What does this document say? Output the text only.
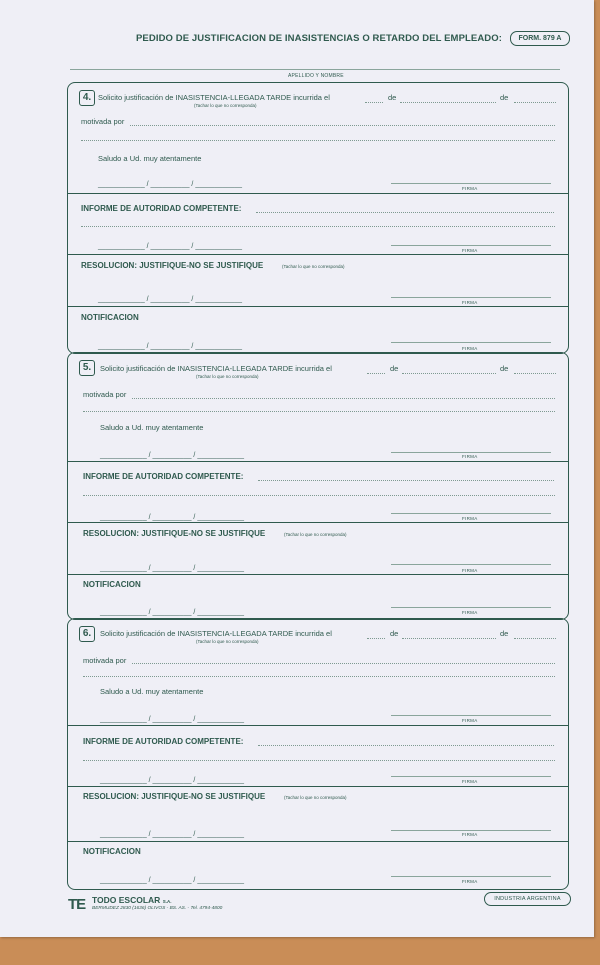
PEDIDO DE JUSTIFICACION DE INASISTENCIAS O RETARDO DEL EMPLEADO:	FORM. 879 A
APELLIDO Y NOMBRE
4. Solicito justificación de INASISTENCIA-LLEGADA TARDE incurrida el	de	de
(Tachar lo que no corresponda)
motivada por
Saludo a Ud. muy atentamente
____________ / __________ / ____________
FIRMA
INFORME DE AUTORIDAD COMPETENTE:
____________ / __________ / ____________
FIRMA
RESOLUCION: JUSTIFIQUE-NO SE JUSTIFIQUE	(Tachar lo que no corresponda)
____________ / __________ / ____________	FIRMA
NOTIFICACION
____________ / __________ / ____________	FIRMA
5.	Solicito justificación de INASISTENCIA-LLEGADA TARDE incurrida el	de	de
(Tachar lo que no corresponda)
motivada por
Saludo a Ud. muy atentamente
____________ / __________ / ____________	FIRMA
INFORME DE AUTORIDAD COMPETENTE:
____________ / __________ / ____________	FIRMA
RESOLUCION: JUSTIFIQUE-NO SE JUSTIFIQUE	(Tachar lo que no corresponda)
____________ / __________ / ____________	FIRMA
NOTIFICACION
____________ / __________ / ____________	FIRMA
6.	Solicito justificación de INASISTENCIA-LLEGADA TARDE incurrida el	de	de
(Tachar lo que no corresponda)
motivada por
Saludo a Ud. muy atentamente
____________ / __________ / ____________	FIRMA
INFORME DE AUTORIDAD COMPETENTE:
____________ / __________ / ____________	FIRMA
RESOLUCION: JUSTIFIQUE-NO SE JUSTIFIQUE	(Tachar lo que no corresponda)
____________ / __________ / ____________	FIRMA
NOTIFICACION
____________ / __________ / ____________	FIRMA
TE TODO ESCOLAR S.A.
BERMUDEZ 2830 (1636) OLIVOS - BS. AS. - Tel. 4794-4800
INDUSTRIA ARGENTINA
